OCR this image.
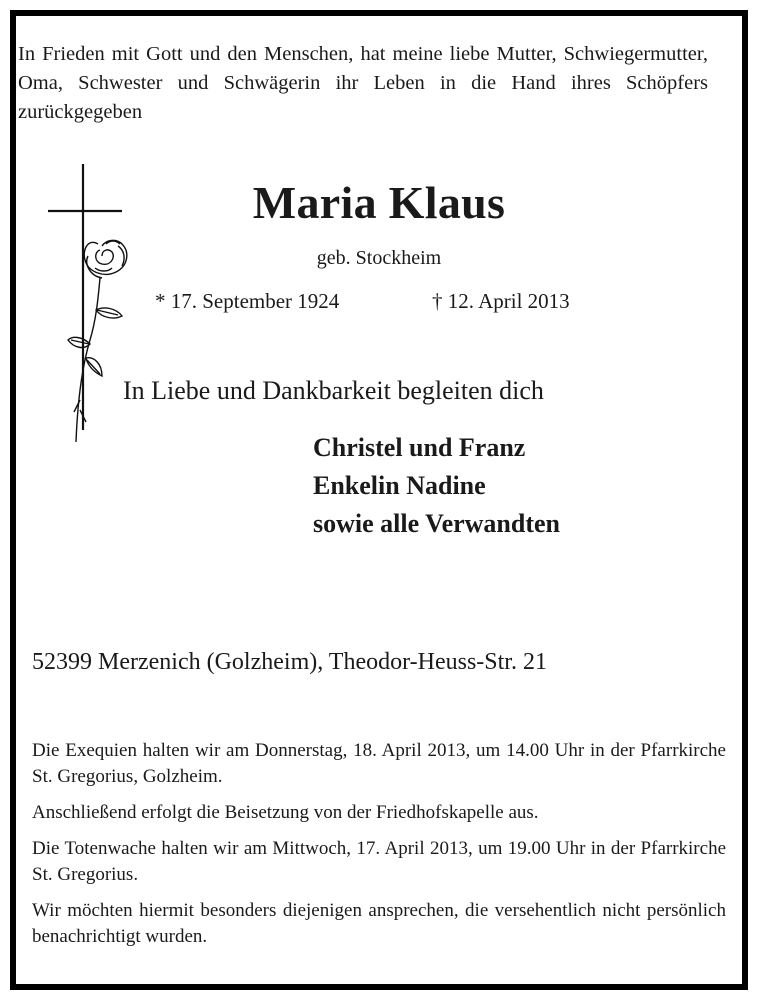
In Frieden mit Gott und den Menschen, hat meine liebe Mutter, Schwiegermutter, Oma, Schwester und Schwägerin ihr Leben in die Hand ihres Schöpfers zurückgegeben

Maria Klaus
geb. Stockheim
* 17. September 1924	† 12. April 2013
In Liebe und Dankbarkeit begleiten dich
Christel und Franz
Enkelin Nadine
sowie alle Verwandten
52399 Merzenich (Golzheim), Theodor-Heuss-Str. 21

Die Exequien halten wir am Donnerstag, 18. April 2013, um 14.00 Uhr in der Pfarrkirche St. Gregorius, Golzheim.

Anschließend erfolgt die Beisetzung von der Friedhofskapelle aus.

Die Totenwache halten wir am Mittwoch, 17. April 2013, um 19.00 Uhr in der Pfarrkirche St. Gregorius.

Wir möchten hiermit besonders diejenigen ansprechen, die versehentlich nicht persönlich benachrichtigt wurden.
